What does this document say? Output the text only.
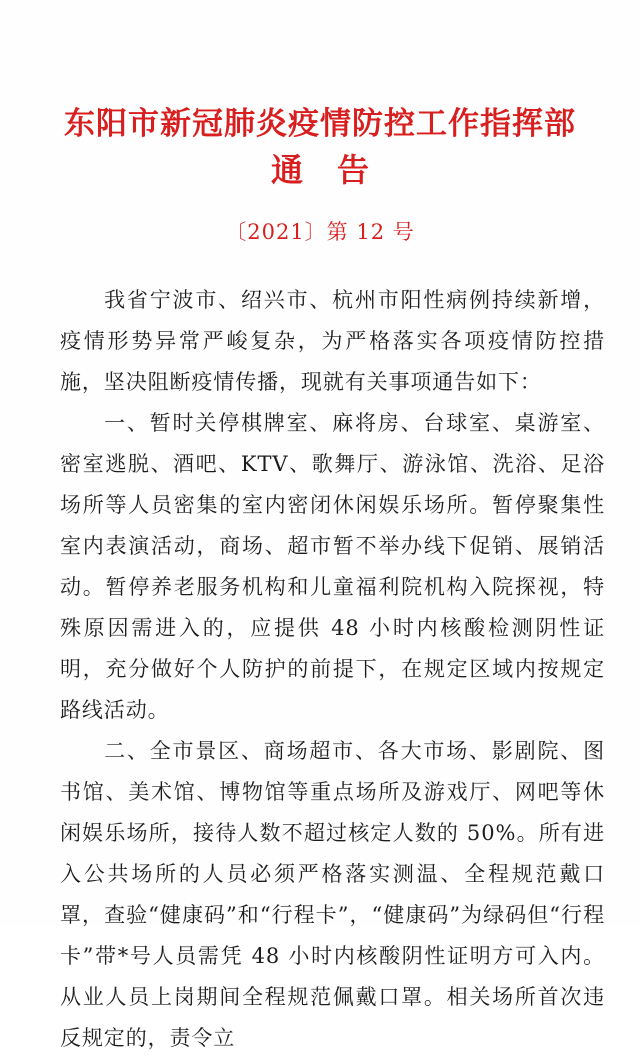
东阳市新冠肺炎疫情防控工作指挥部
通告
〔2021〕第 12 号

我省宁波市、绍兴市、杭州市阳性病例持续新增，疫情形势异常严峻复杂，为严格落实各项疫情防控措施，坚决阻断疫情传播，现就有关事项通告如下：

一、暂时关停棋牌室、麻将房、台球室、桌游室、密室逃脱、酒吧、KTV、歌舞厅、游泳馆、洗浴、足浴场所等人员密集的室内密闭休闲娱乐场所。暂停聚集性室内表演活动，商场、超市暂不举办线下促销、展销活动。暂停养老服务机构和儿童福利院机构入院探视，特殊原因需进入的，应提供 48 小时内核酸检测阴性证明，充分做好个人防护的前提下，在规定区域内按规定路线活动。

二、全市景区、商场超市、各大市场、影剧院、图书馆、美术馆、博物馆等重点场所及游戏厅、网吧等休闲娱乐场所，接待人数不超过核定人数的 50%。所有进入公共场所的人员必须严格落实测温、全程规范戴口罩，查验“健康码”和“行程卡”，“健康码”为绿码但“行程卡”带*号人员需凭 48 小时内核酸阴性证明方可入内。从业人员上岗期间全程规范佩戴口罩。相关场所首次违反规定的，责令立
